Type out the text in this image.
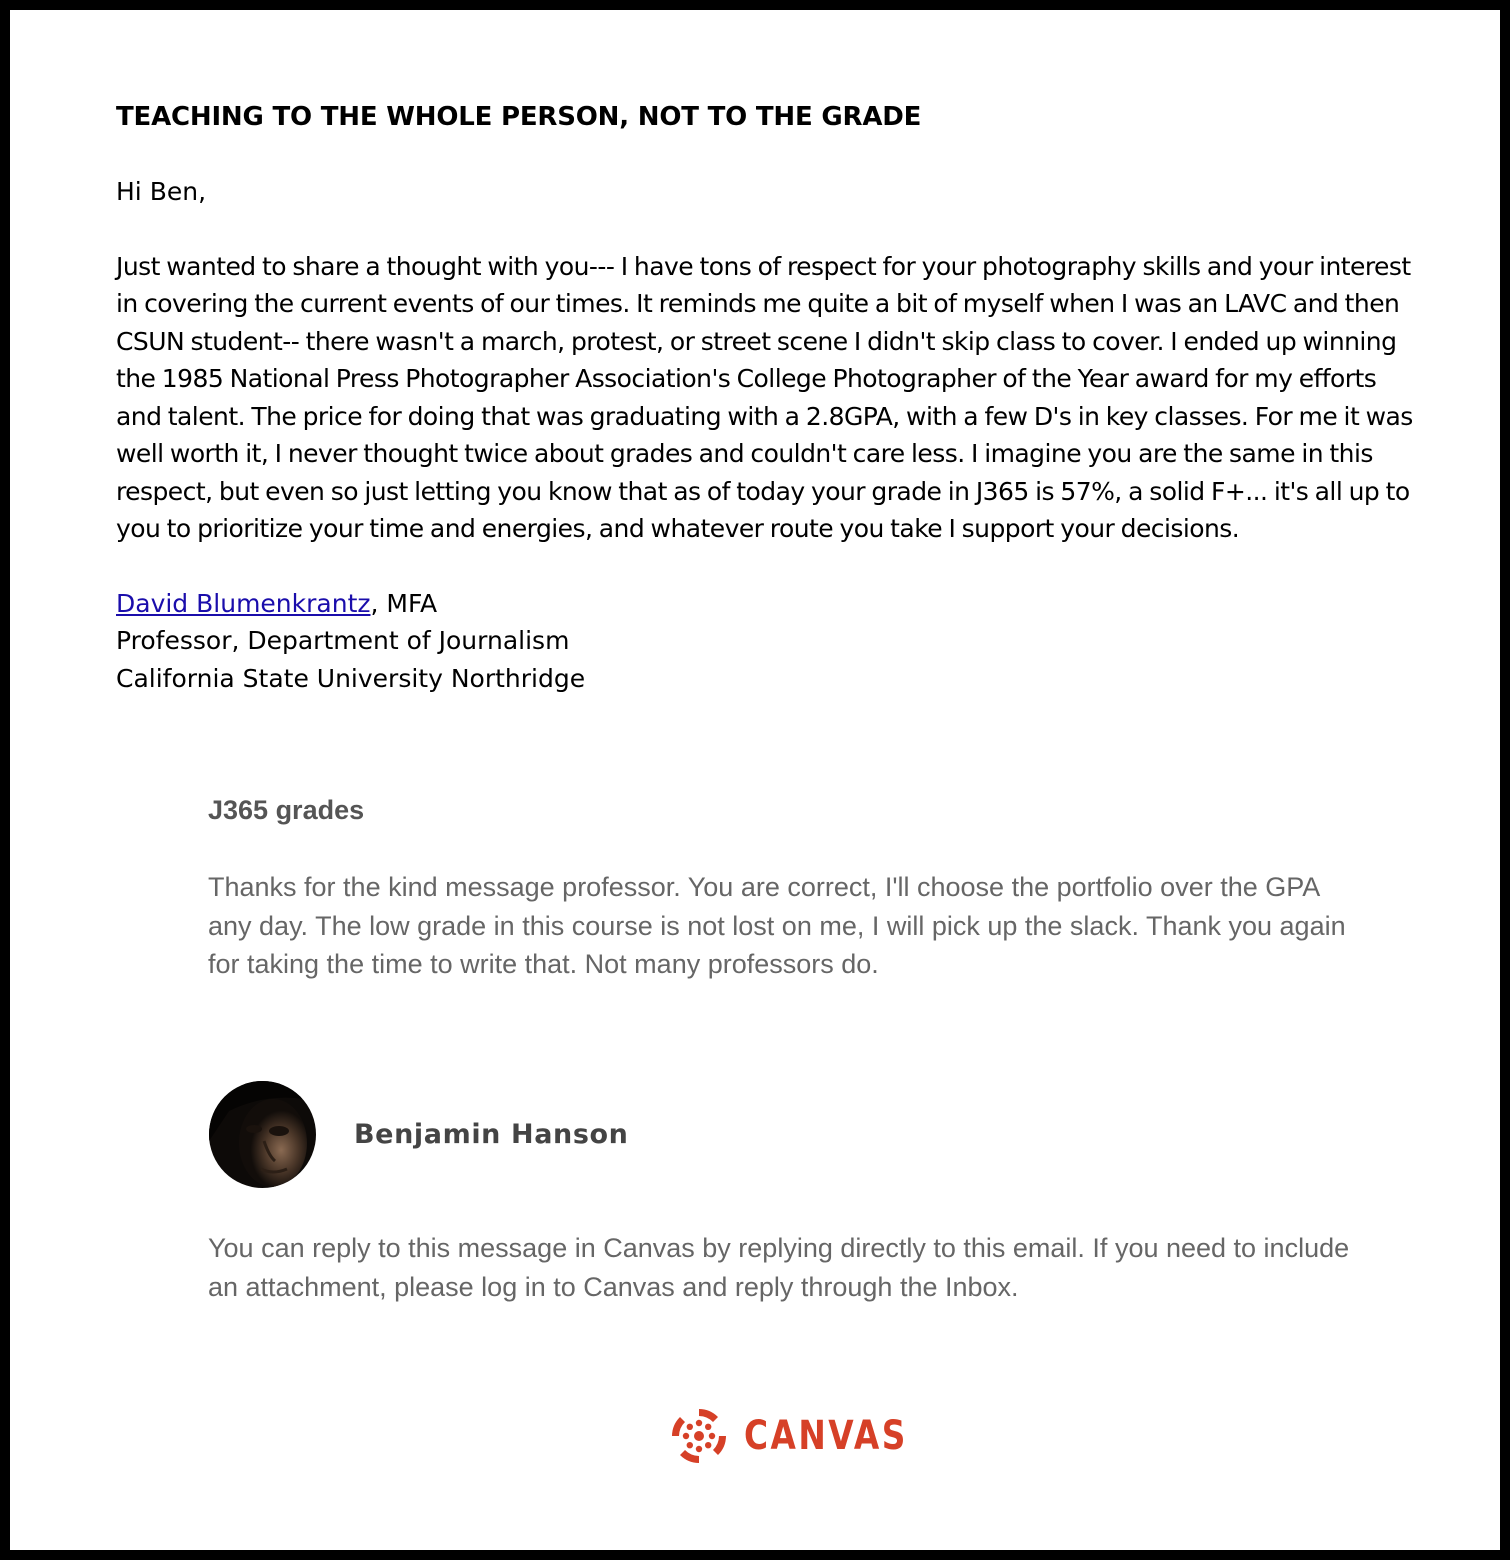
TEACHING TO THE WHOLE PERSON, NOT TO THE GRADE
Hi Ben,
Just wanted to share a thought with you--- I have tons of respect for your photography skills and your interest in covering the current events of our times. It reminds me quite a bit of myself when I was an LAVC and then CSUN student-- there wasn't a march, protest, or street scene I didn't skip class to cover. I ended up winning the 1985 National Press Photographer Association's College Photographer of the Year award for my efforts and talent. The price for doing that was graduating with a 2.8GPA, with a few D's in key classes. For me it was well worth it, I never thought twice about grades and couldn't care less. I imagine you are the same in this respect, but even so just letting you know that as of today your grade in J365 is 57%, a solid F+... it's all up to you to prioritize your time and energies, and whatever route you take I support your decisions.
David Blumenkrantz, MFA
Professor, Department of Journalism
California State University Northridge
J365 grades
Thanks for the kind message professor. You are correct, I'll choose the portfolio over the GPA any day. The low grade in this course is not lost on me, I will pick up the slack. Thank you again for taking the time to write that. Not many professors do.
Benjamin Hanson
You can reply to this message in Canvas by replying directly to this email. If you need to include an attachment, please log in to Canvas and reply through the Inbox.
CANVAS
